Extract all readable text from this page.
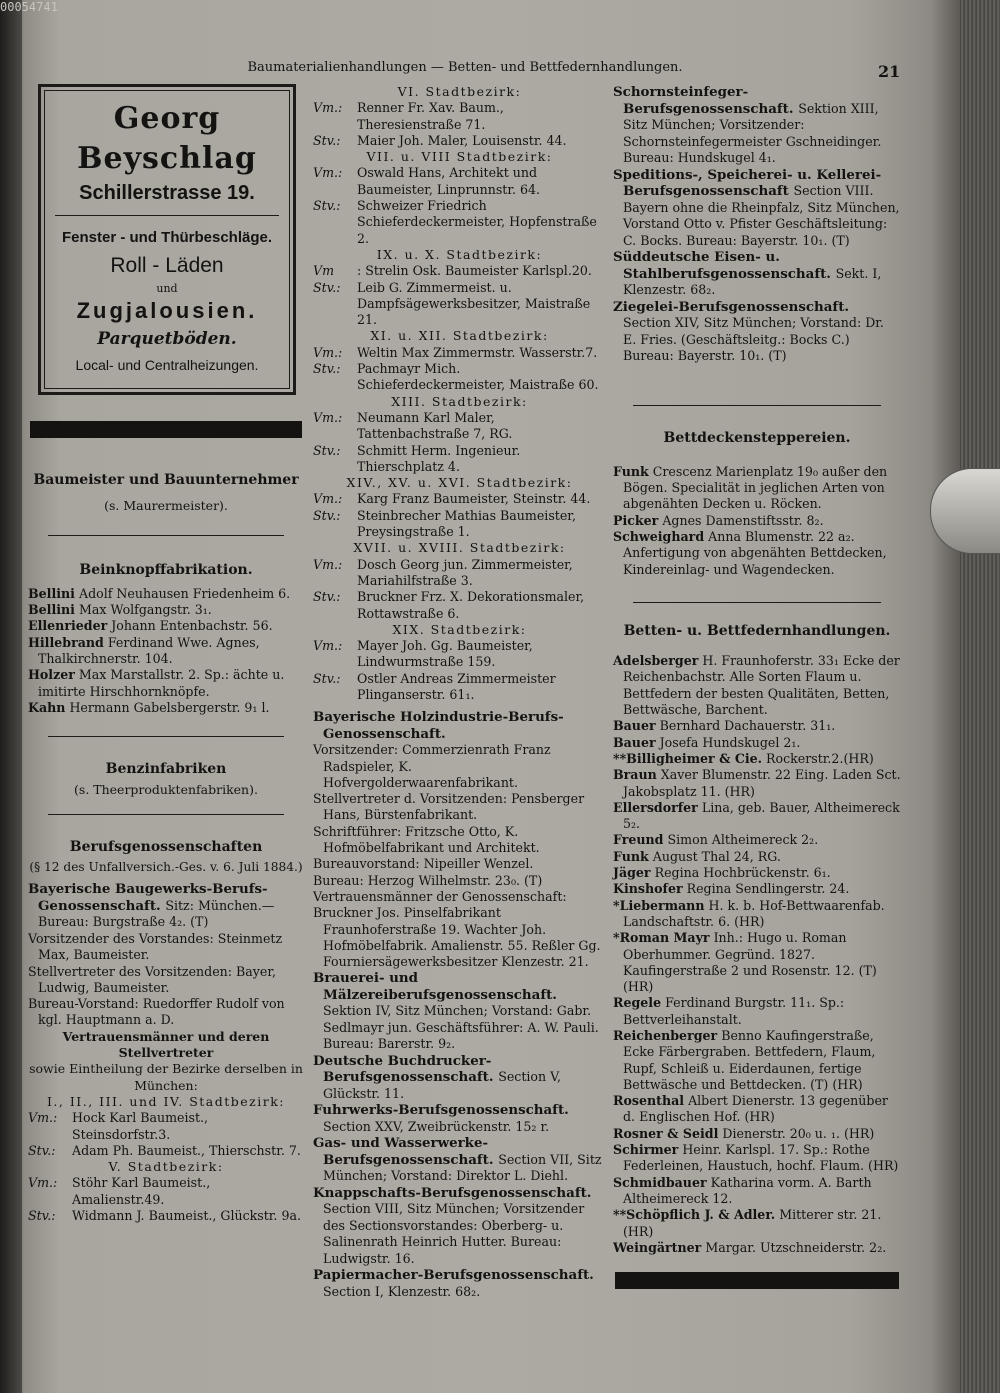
00054741
Baumaterialienhandlungen — Betten- und Bettfedernhandlungen.	21
Georg Beyschlag
Schillerstrasse 19.
Fenster - und Thürbeschläge.
Roll - Läden
und
Zugjalousien.
Parquetböden.
Local- und Centralheizungen.
Baumeister und Bauunternehmer
(s. Maurermeister).
Beinknopffabrikation.

Bellini Adolf Neuhausen Friedenheim 6.

Bellini Max Wolfgangstr. 3₁.

Ellenrieder Johann Entenbachstr. 56.

Hillebrand Ferdinand Wwe. Agnes, Thalkirchnerstr. 104.

Holzer Max Marstallstr. 2. Sp.: ächte u. imitirte Hirschhornknöpfe.

Kahn Hermann Gabelsbergerstr. 9₁ l.

Benzinfabriken
(s. Theerproduktenfabriken).
Berufsgenossenschaften
(§ 12 des Unfallversich.-Ges. v. 6. Juli 1884.)
Bayerische Baugewerks-Berufs-Genossenschaft. Sitz: München.— Bureau: Burgstraße 4₂. (T)

Vorsitzender des Vorstandes: Steinmetz Max, Baumeister.

Stellvertreter des Vorsitzenden: Bayer, Ludwig, Baumeister.

Bureau-Vorstand: Ruedorffer Rudolf von kgl. Hauptmann a. D.

Vertrauensmänner und deren Stellvertreter
sowie Eintheilung der Bezirke derselben in München:

I., II., III. und IV. Stadtbezirk:

Vm.: Hock Karl Baumeist., Steinsdorfstr.3.

Stv.: Adam Ph. Baumeist., Thierschstr. 7.

V. Stadtbezirk:

Vm.: Stöhr Karl Baumeist., Amalienstr.49.

Stv.: Widmann J. Baumeist., Glückstr. 9a.

VI. Stadtbezirk:

Vm.: Renner Fr. Xav. Baum., Theresienstraße 71.

Stv.: Maier Joh. Maler, Louisenstr. 44.

VII. u. VIII Stadtbezirk:

Vm.: Oswald Hans, Architekt und Baumeister, Linprunnstr. 64.

Stv.: Schweizer Friedrich Schieferdeckermeister, Hopfenstraße 2.

IX. u. X. Stadtbezirk:

Vm : Strelin Osk. Baumeister Karlspl.20.

Stv.: Leib G. Zimmermeist. u. Dampfsägewerksbesitzer, Maistraße 21.

XI. u. XII. Stadtbezirk:

Vm.: Weltin Max Zimmermstr. Wasserstr.7.

Stv.: Pachmayr Mich. Schieferdeckermeister, Maistraße 60.

XIII. Stadtbezirk:

Vm.: Neumann Karl Maler, Tattenbachstraße 7, RG.

Stv.: Schmitt Herm. Ingenieur. Thierschplatz 4.

XIV., XV. u. XVI. Stadtbezirk:

Vm.: Karg Franz Baumeister, Steinstr. 44.

Stv.: Steinbrecher Mathias Baumeister, Preysingstraße 1.

XVII. u. XVIII. Stadtbezirk:

Vm.: Dosch Georg jun. Zimmermeister, Mariahilfstraße 3.

Stv.: Bruckner Frz. X. Dekorationsmaler, Rottawstraße 6.

XIX. Stadtbezirk:

Vm.: Mayer Joh. Gg. Baumeister, Lindwurmstraße 159.

Stv.: Ostler Andreas Zimmermeister Plinganserstr. 61₁.

Bayerische Holzindustrie-Berufs-Genossenschaft.

Vorsitzender: Commerzienrath Franz Radspieler, K. Hofvergolderwaarenfabrikant.

Stellvertreter d. Vorsitzenden: Pensberger Hans, Bürstenfabrikant.

Schriftführer: Fritzsche Otto, K. Hofmöbelfabrikant und Architekt.

Bureauvorstand: Nipeiller Wenzel.

Bureau: Herzog Wilhelmstr. 23₀. (T)

Vertrauensmänner der Genossenschaft:

Bruckner Jos. Pinselfabrikant Fraunhoferstraße 19. Wachter Joh. Hofmöbelfabrik. Amalienstr. 55. Reßler Gg. Fourniersägewerksbesitzer Klenzestr. 21.

Brauerei- und Mälzereiberufsgenossenschaft. Sektion IV, Sitz München; Vorstand: Gabr. Sedlmayr jun. Geschäftsführer: A. W. Pauli. Bureau: Barerstr. 9₂.

Deutsche Buchdrucker-Berufsgenossenschaft. Section V, Glückstr. 11.

Fuhrwerks-Berufsgenossenschaft. Section XXV, Zweibrückenstr. 15₂ r.

Gas- und Wasserwerke-Berufsgenossenschaft. Section VII, Sitz München; Vorstand: Direktor L. Diehl.

Knappschafts-Berufsgenossenschaft. Section VIII, Sitz München; Vorsitzender des Sectionsvorstandes: Oberberg- u. Salinenrath Heinrich Hutter. Bureau: Ludwigstr. 16.

Papiermacher-Berufsgenossenschaft. Section I, Klenzestr. 68₂.

Schornsteinfeger-Berufsgenossenschaft. Sektion XIII, Sitz München; Vorsitzender: Schornsteinfegermeister Gschneidinger. Bureau: Hundskugel 4₁.

Speditions-, Speicherei- u. Kellerei-Berufsgenossenschaft Section VIII. Bayern ohne die Rheinpfalz, Sitz München, Vorstand Otto v. Pfister Geschäftsleitung: C. Bocks. Bureau: Bayerstr. 10₁. (T)

Süddeutsche Eisen- u. Stahlberufsgenossenschaft. Sekt. I, Klenzestr. 68₂.

Ziegelei-Berufsgenossenschaft. Section XIV, Sitz München; Vorstand: Dr. E. Fries. (Geschäftsleitg.: Bocks C.) Bureau: Bayerstr. 10₁. (T)

Bettdeckensteppereien.

Funk Crescenz Marienplatz 19₀ außer den Bögen. Specialität in jeglichen Arten von abgenähten Decken u. Röcken.

Picker Agnes Damenstiftsstr. 8₂.

Schweighard Anna Blumenstr. 22 a₂. Anfertigung von abgenähten Bettdecken, Kindereinlag- und Wagendecken.

Betten- u. Bettfedernhandlungen.

Adelsberger H. Fraunhoferstr. 33₁ Ecke der Reichenbachstr. Alle Sorten Flaum u. Bettfedern der besten Qualitäten, Betten, Bettwäsche, Barchent.

Bauer Bernhard Dachauerstr. 31₁.

Bauer Josefa Hundskugel 2₁.

**Billigheimer & Cie. Rockerstr.2.(HR)

Braun Xaver Blumenstr. 22 Eing. Laden Sct. Jakobsplatz 11. (HR)

Ellersdorfer Lina, geb. Bauer, Altheimereck 5₂.

Freund Simon Altheimereck 2₂.

Funk August Thal 24, RG.

Jäger Regina Hochbrückenstr. 6₁.

Kinshofer Regina Sendlingerstr. 24.

*Liebermann H. k. b. Hof-Bettwaarenfab. Landschaftstr. 6. (HR)

*Roman Mayr Inh.: Hugo u. Roman Oberhummer. Gegründ. 1827. Kaufingerstraße 2 und Rosenstr. 12. (T) (HR)

Regele Ferdinand Burgstr. 11₁. Sp.: Bettverleihanstalt.

Reichenberger Benno Kaufingerstraße, Ecke Färbergraben. Bettfedern, Flaum, Rupf, Schleiß u. Eiderdaunen, fertige Bettwäsche und Bettdecken. (T) (HR)

Rosenthal Albert Dienerstr. 13 gegenüber d. Englischen Hof. (HR)

Rosner & Seidl Dienerstr. 20₀ u. ₁. (HR)

Schirmer Heinr. Karlspl. 17. Sp.: Rothe Federleinen, Haustuch, hochf. Flaum. (HR)

Schmidbauer Katharina vorm. A. Barth Altheimereck 12.

**Schöpflich J. & Adler. Mitterer str. 21. (HR)

Weingärtner Margar. Utzschneiderstr. 2₂.
